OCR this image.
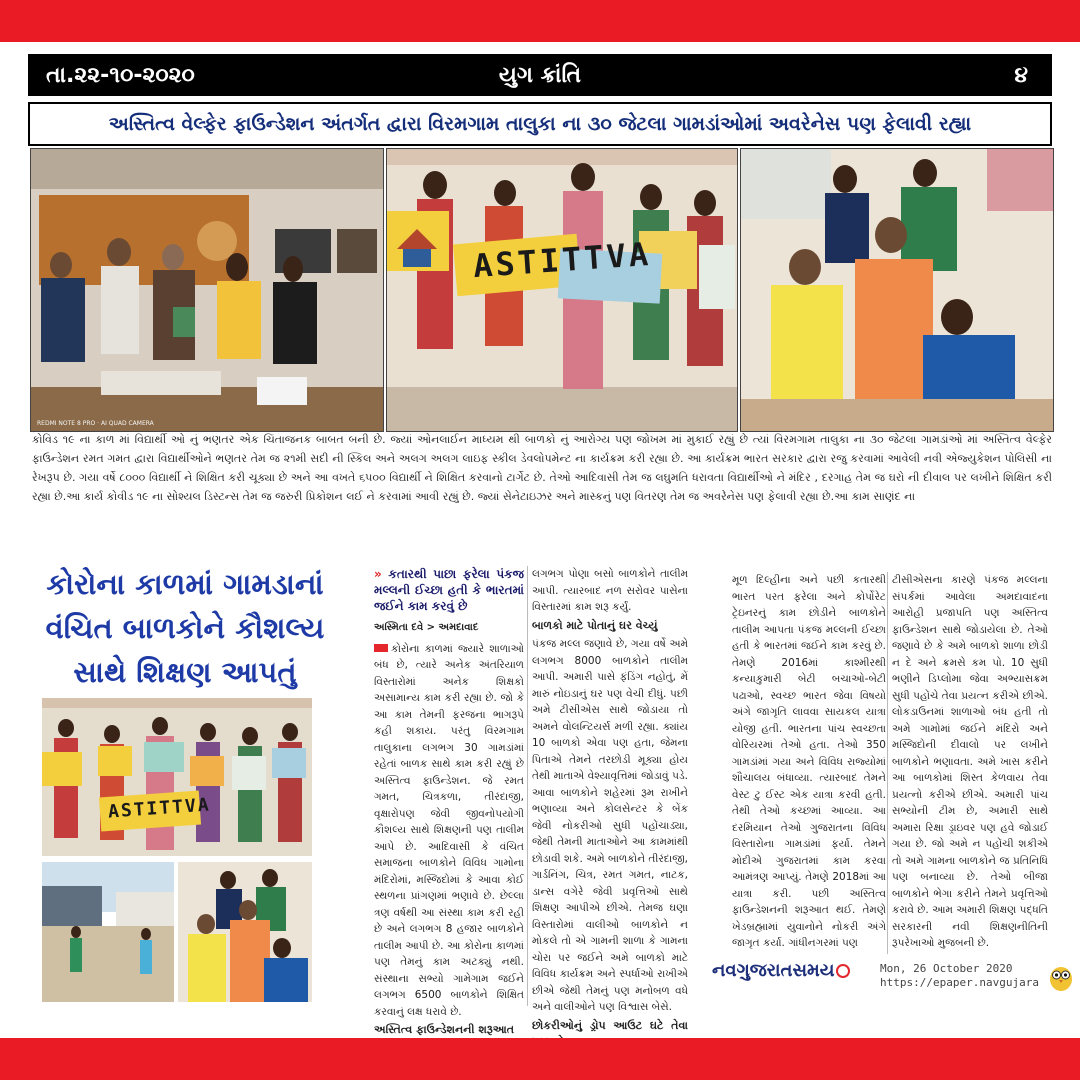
તા.૨૨-૧૦-૨૦૨૦	યુગ ક્રાંતિ	૪
અસ્તિત્વ વેલ્ફેર ફાઉન્ડેશન અંતર્ગત દ્વારા વિરમગામ તાલુકા ના ૩૦ જેટલા ગામડાંઓમાં અવરેનેસ પણ ફેલાવી રહ્યા
REDMI NOTE 8 PRO · AI QUAD CAMERA
ASTITTVA
કોવિડ ૧૯ ના કાળ માં વિદ્યાર્થી ઓ નું ભણતર એક ચિંતાજનક બાબત બની છે. જ્યાં ઓનલાઈન માધ્યમ થી બાળકો નું આરોગ્ય પણ જોખમ માં મુકાઈ રહ્યું છે ત્યાં વિરમગામ તાલુકા ના ૩૦ જેટલા ગામડાંઓ માં અસ્તિત્વ વેલ્ફેર ફાઉન્ડેશન રમત ગમત દ્વારા વિદ્યાર્થીઓને ભણતર તેમ જ ૨૧મી સદી ની સ્કિલ અને અલગ અલગ લાઇફ સ્કીલ ડેવલોપમેન્ટ ના કાર્યક્રમ કરી રહ્યા છે. આ કાર્યક્રમ ભારત સરકાર દ્વારા રજુ કરવામાં આવેલી નવી એજ્યુકેશન પોલિસી ના રેખરૂપ છે. ગયા વર્ષે ૮૦૦૦ વિદ્યાર્થી ને શિક્ષિત કરી ચૂક્યા છે અને આ વખતે ૬૫૦૦ વિદ્યાર્થી ને શિક્ષિત કરવાનો ટાર્ગેટ છે. તેઓ આદિવાસી તેમ જ લઘુમતિ ધરાવતા વિદ્યાર્થીઓ ને મંદિર , દરગાહ તેમ જ ઘરો ની દીવાલ પર લખીને શિક્ષિત કરી રહ્યા છે.આ કાર્ય કોવીડ ૧૯ ના સોશ્યલ ડિસ્ટન્સ તેમ જ જરુરી પ્રિકોશન લઈ ને કરવામાં આવી રહ્યું છે. જ્યાં સેનેટાઇઝર અને માસ્કનું પણ વિતરણ તેમ જ અવરેનેસ પણ ફેલાવી રહ્યા છે.આ કામ સાણંદ ના
કોરોના કાળમાં ગામડાનાં વંચિત બાળકોને કૌશલ્ય સાથે શિક્ષણ આપતું
ASTITTVA
» કતારથી પાછા ફરેલા પંકજ મલ્લની ઈચ્છા હતી કે ભારતમાં જઈને કામ કરવું છે
અસ્મિતા દવે > અમદાવાદ
કોરોના કાળમાં જ્યારે શાળાઓ બંધ છે, ત્યારે અનેક અંતરિયાળ વિસ્તારોમાં અનેક શિક્ષકો અસામાન્ય કામ કરી રહ્યા છે. જો કે આ કામ તેમની ફરજના ભાગરૂપે કહી શકાય. પરંતુ વિરમગામ તાલુકાના લગભગ 30 ગામડાંમાં રહેતાં બાળક સાથે કામ કરી રહ્યું છે અસ્તિત્વ ફાઉન્ડેશન. જે રમત ગમત, ચિત્રકળા, તીરંદાજી, વૃક્ષારોપણ જેવી જીવનોપયોગી કૌશલ્ય સાથે શિક્ષણની પણ તાલીમ આપે છે. આદિવાસી કે વંચિત સમાજના બાળકોને વિવિધ ગામોના મંદિરોમાં, મસ્જિદોમાં કે આવા કોઈ સ્થળના પ્રાંગણમાં ભણાવે છે. છેલ્લા ત્રણ વર્ષથી આ સંસ્થા કામ કરી રહી છે અને લગભગ 8 હજાર બાળકોને તાલીમ આપી છે. આ કોરોના કાળમાં પણ તેમનું કામ અટક્યું નથી. સંસ્થાના સભ્યો ગામેગામ જઈને લગભગ 6500 બાળકોને શિક્ષિત કરવાનું લક્ષ ધરાવે છે.
અસ્તિત્વ ફાઉન્ડેશનની શરૂઆત
લગભગ પોણા બસો બાળકોને તાલીમ આપી. ત્યારબાદ નળ સરોવર પાસેના વિસ્તારમાં કામ શરૂ કર્યું.
બાળકો માટે પોતાનું ઘર વેચ્યું
પંકજ મલ્લ જણાવે છે, ગયા વર્ષે અમે લગભગ 8000 બાળકોને તાલીમ આપી. અમારી પાસે ફંડિંગ નહોતું, મેં મારું નોઇડાનું ઘર પણ વેચી દીધું. પછી અમે ટીસીએસ સાથે જોડાયા તો અમને વોલન્ટિયર્સ મળી રહ્યા. ક્યાંય 10 બાળકો એવા પણ હતા, જેમના પિતાએ તેમને તરછોડી મૂક્યા હોય તેથી માતાએ વેશ્યાવૃત્તિમાં જોડાવું પડે. આવા બાળકોને શહેરમાં રૂમ રાખીને ભણાવ્યા અને કોલસેન્ટર કે બેંક જેવી નોકરીઓ સુધી પહોંચાડ્યા, જેથી તેમની માતાઓને આ કામમાંથી છોડાવી શકે. અમે બાળકોને તીરંદાજી, ગાર્ડનિંગ, ચિત્ર, રમત ગમત, નાટક, ડાન્સ વગેરે જેવી પ્રવૃત્તિઓ સાથે શિક્ષણ આપીએ છીએ. તેમજ ઘણા વિસ્તારોમાં વાલીઓ બાળકોને ન મોકલે તો એ ગામની શાળા કે ગામના ચોરા પર જઈને અમે બાળકો માટે વિવિધ કાર્યક્રમ અને સ્પર્ધાઓ રાખીએ છીએ જેથી તેમનું પણ મનોબળ વધે અને વાલીઓને પણ વિશ્વાસ બેસે.
છોકરીઓનું ડ્રોપ આઉટ ઘટે તેવા
મૂળ દિલ્હીના અને પછી કતારથી ભારત પરત ફરેલા અને કોર્પોરેટ ટ્રેઇનરનું કામ છોડીને બાળકોને તાલીમ આપતા પંકજ મલ્લની ઈચ્છા હતી કે ભારતમાં જઈને કામ કરવું છે. તેમણે 2016માં કાશ્મીરથી કન્યાકુમારી બેટી બચાઓ-બેટી પઢાઓ, સ્વચ્છ ભારત જેવા વિષયો અંગે જાગૃતિ લાવવા સાયકલ યાત્રા યોજી હતી. ભારતના પાંચ સ્વચ્છતા વોરિયરમાં તેઓ હતા. તેઓ 350 ગામડાંમાં ગયા અને વિવિધ રાજ્યોમાં શૌચાલય બંધાવ્યા. ત્યારબાદ તેમને વેસ્ટ ટુ ઈસ્ટ એક યાત્રા કરવી હતી. તેથી તેઓ કચ્છમાં આવ્યા. આ દરમિયાન તેઓ ગુજરાતના વિવિધ વિસ્તારોના ગામડાંમાં ફર્યા. તેમને મોદીએ ગુજરાતમાં કામ કરવા આમંત્રણ આપ્યું. તેમણે 2018માં આ યાત્રા કરી. પછી અસ્તિત્વ ફાઉન્ડેશનની શરૂઆત થઈ. તેમણે ખેડબ્રહ્મામાં યુવાનોને નોકરી અંગે જાગૃત કર્યા. ગાંધીનગરમાં પણ
ટીસીએસના કારણે પંકજ મલ્લના સંપર્કમાં આવેલા અમદાવાદના આરોહી પ્રજાપતિ પણ અસ્તિત્વ ફાઉન્ડેશન સાથે જોડાયેલા છે. તેઓ જણાવે છે કે અમે બાળકો શાળા છોડી ન દે અને ક્રમસે કમ પો. 10 સુધી ભણીને ડિપ્લોમા જેવા અભ્યાસક્રમ સુધી પહોંચે તેવા પ્રયત્ન કરીએ છીએ. લોકડાઉનમાં શાળાઓ બંધ હતી તો અમે ગામોમાં જઈને મંદિરો અને મસ્જિદોની દીવાલો પર લખીને બાળકોને ભણાવતા. અમે ખાસ કરીને આ બાળકોમાં શિસ્ત કેળવાય તેવા પ્રયત્નો કરીએ છીએ. અમારી પાંચ સભ્યોની ટીમ છે, અમારી સાથે અમારા રિક્ષા ડ્રાઇવર પણ હવે જોડાઈ ગયા છે. જો અમે ન પહોંચી શકીએ તો અમે ગામના બાળકોને જ પ્રતિનિધિ પણ બનાવ્યા છે. તેઓ બીજા બાળકોને ભેગા કરીને તેમને પ્રવૃત્તિઓ કરાવે છે. આમ અમારી શિક્ષણ પદ્ધતિ સરકારની નવી શિક્ષણનીતિની રૂપરેખાઓ મુજબની છે.
નવગુજરાત સમય	Mon, 26 October 2020
https://epaper.navgujara
